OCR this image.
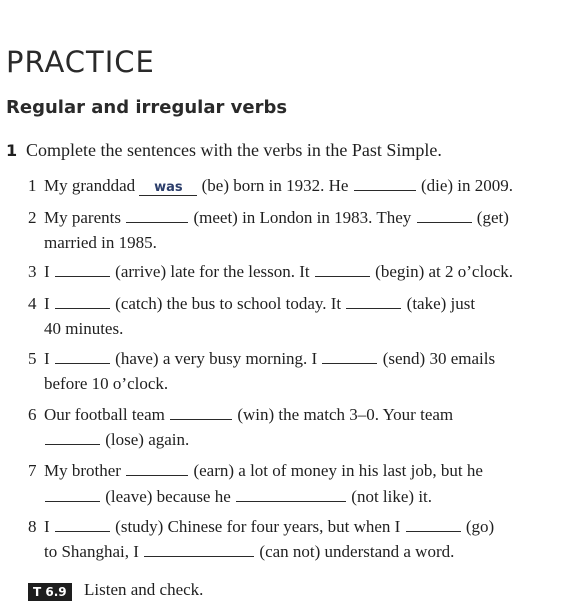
PRACTICE
Regular and irregular verbs
1 Complete the sentences with the verbs in the Past Simple.
1 My granddad was (be) born in 1932. He	(die) in 2009.
2 My parents	(meet) in London in 1983. They	(get)
married in 1985.
3 I	(arrive) late for the lesson. It	(begin) at 2 o’clock.
4 I	(catch) the bus to school today. It	(take) just
40 minutes.
5 I	(have) a very busy morning. I	(send) 30 emails
before 10 o’clock.
6 Our football team	(win) the match 3–0. Your team
(lose) again.
7 My brother	(earn) a lot of money in his last job, but he
(leave) because he	(not like) it.
8 I	(study) Chinese for four years, but when I	(go)
to Shanghai, I	(can not) understand a word.
T 6.9 Listen and check.
